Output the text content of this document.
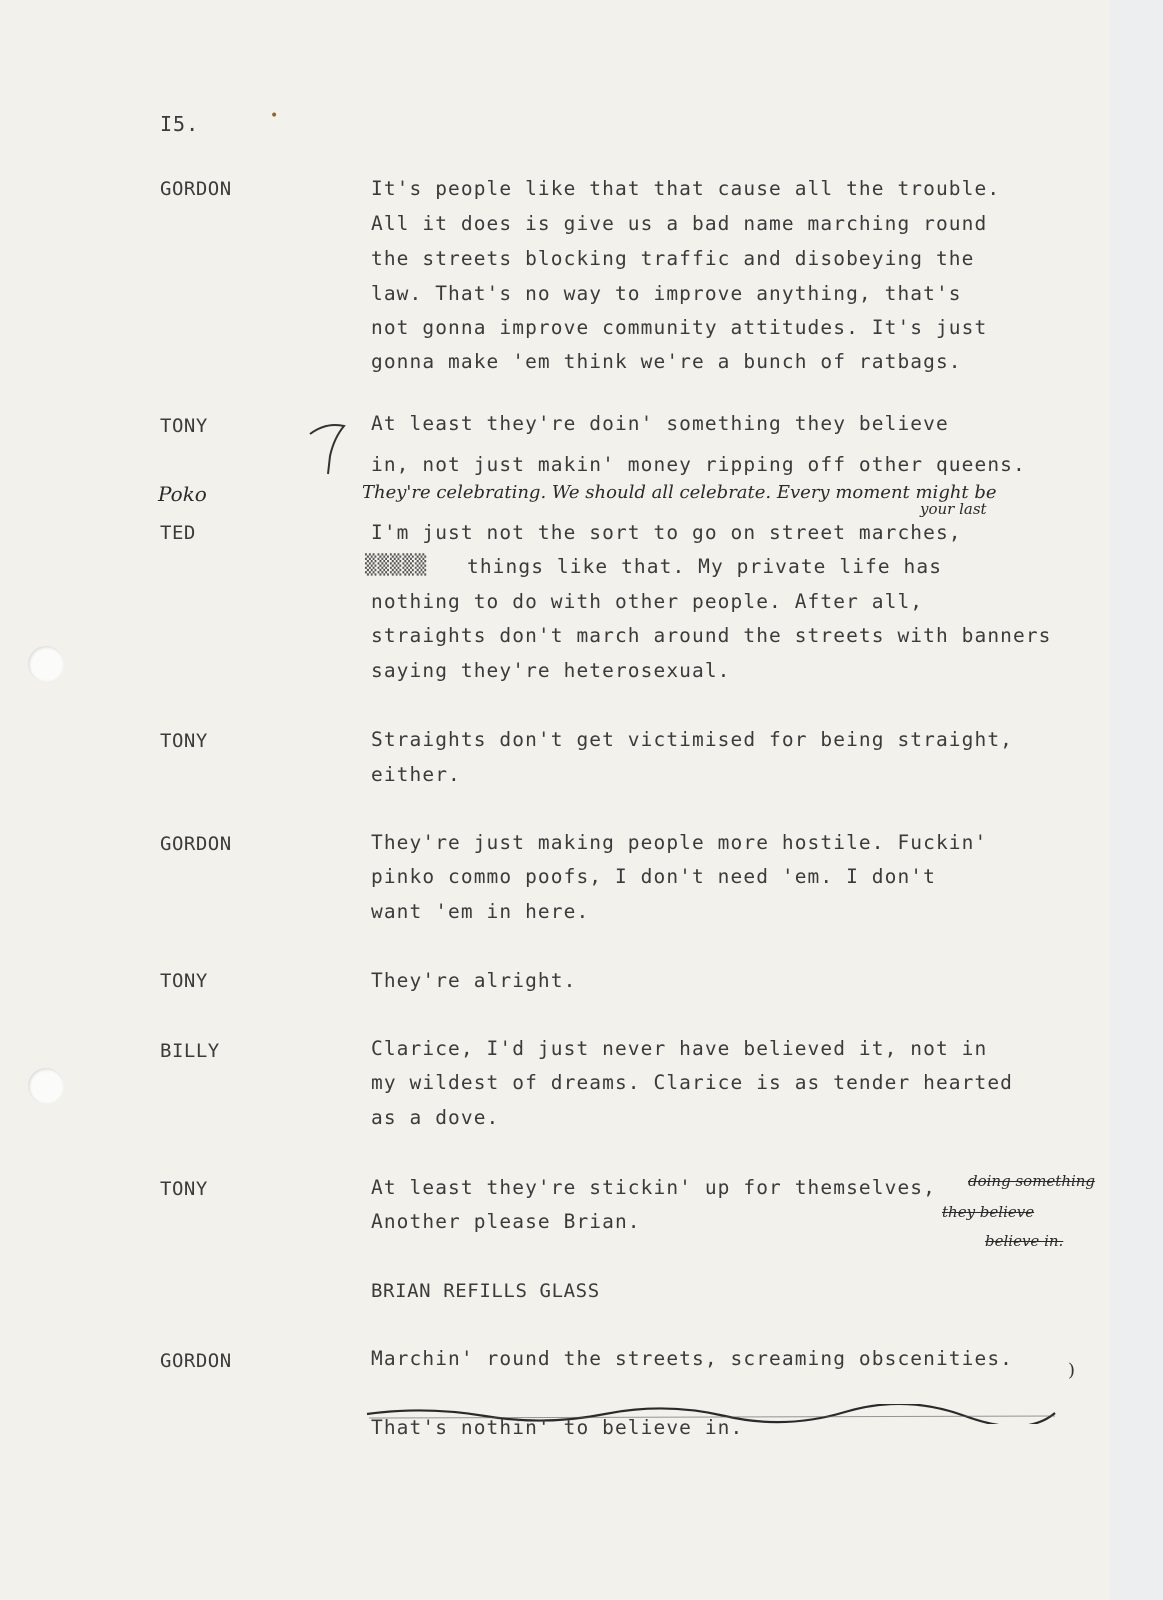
I5.	•
GORDON	It's people like that that cause all the trouble.
All it does is give us a bad name marching round
the streets blocking traffic and disobeying the
law. That's no way to improve anything, that's
not gonna improve community attitudes. It's just
gonna make 'em think we're a bunch of ratbags.
TONY	At least they're doin' something they believe
in, not just makin' money ripping off other queens.
Poko	They're celebrating. We should all celebrate. Every moment might be
your last
TED	I'm just not the sort to go on street marches,
▒▒▒▒▒ things like that. My private life has
nothing to do with other people. After all,
straights don't march around the streets with banners
saying they're heterosexual.
TONY	Straights don't get victimised for being straight,
either.
GORDON	They're just making people more hostile. Fuckin'
pinko commo poofs, I don't need 'em. I don't
want 'em in here.
TONY	They're alright.
BILLY	Clarice, I'd just never have believed it, not in
my wildest of dreams. Clarice is as tender hearted
as a dove.
TONY	At least they're stickin' up for themselves,
Another please Brian.
doing something
they believe
believe in.
BRIAN REFILLS GLASS
GORDON	Marchin' round the streets, screaming obscenities.
That's nothin' to believe in.
)
